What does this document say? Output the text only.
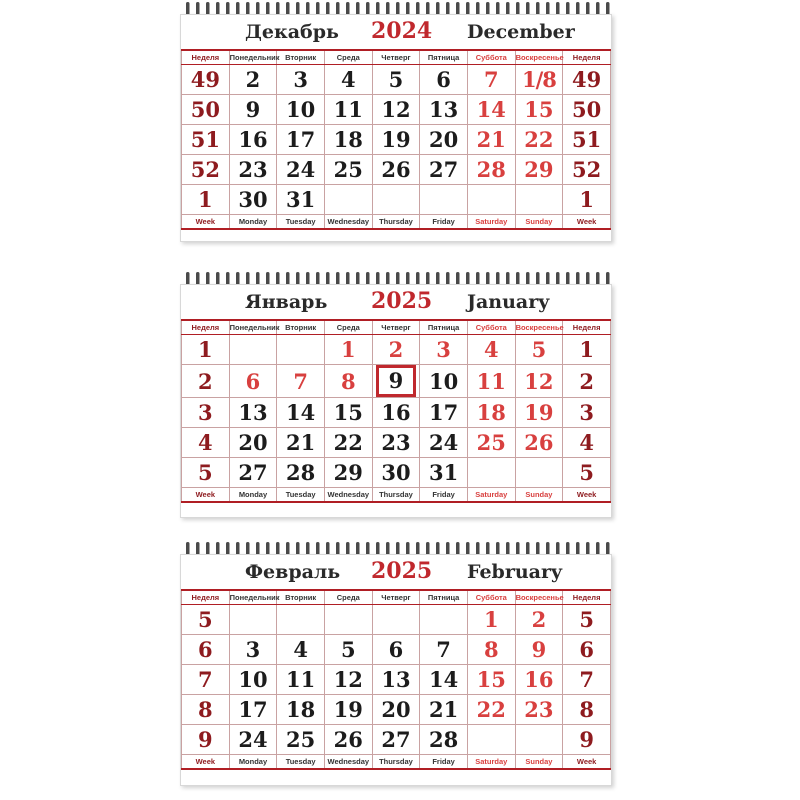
Декабрь 2024 December
Неделя	Понедельник	Вторник	Среда	Четверг	Пятница	Суббота	Воскресенье	Неделя
49	2	3	4	5	6	7	1/8	49
50	9	10	11	12	13	14	15	50
51	16	17	18	19	20	21	22	51
52	23	24	25	26	27	28	29	52
1	30	31						1
Week	Monday	Tuesday	Wednesday	Thursday	Friday	Saturday	Sunday	Week
Январь 2025 January
Неделя	Понедельник	Вторник	Среда	Четверг	Пятница	Суббота	Воскресенье	Неделя
1			1	2	3	4	5	1
2	6	7	8	9	10	11	12	2
3	13	14	15	16	17	18	19	3
4	20	21	22	23	24	25	26	4
5	27	28	29	30	31			5
Week	Monday	Tuesday	Wednesday	Thursday	Friday	Saturday	Sunday	Week
Февраль 2025 February
Неделя	Понедельник	Вторник	Среда	Четверг	Пятница	Суббота	Воскресенье	Неделя
5						1	2	5
6	3	4	5	6	7	8	9	6
7	10	11	12	13	14	15	16	7
8	17	18	19	20	21	22	23	8
9	24	25	26	27	28			9
Week	Monday	Tuesday	Wednesday	Thursday	Friday	Saturday	Sunday	Week
